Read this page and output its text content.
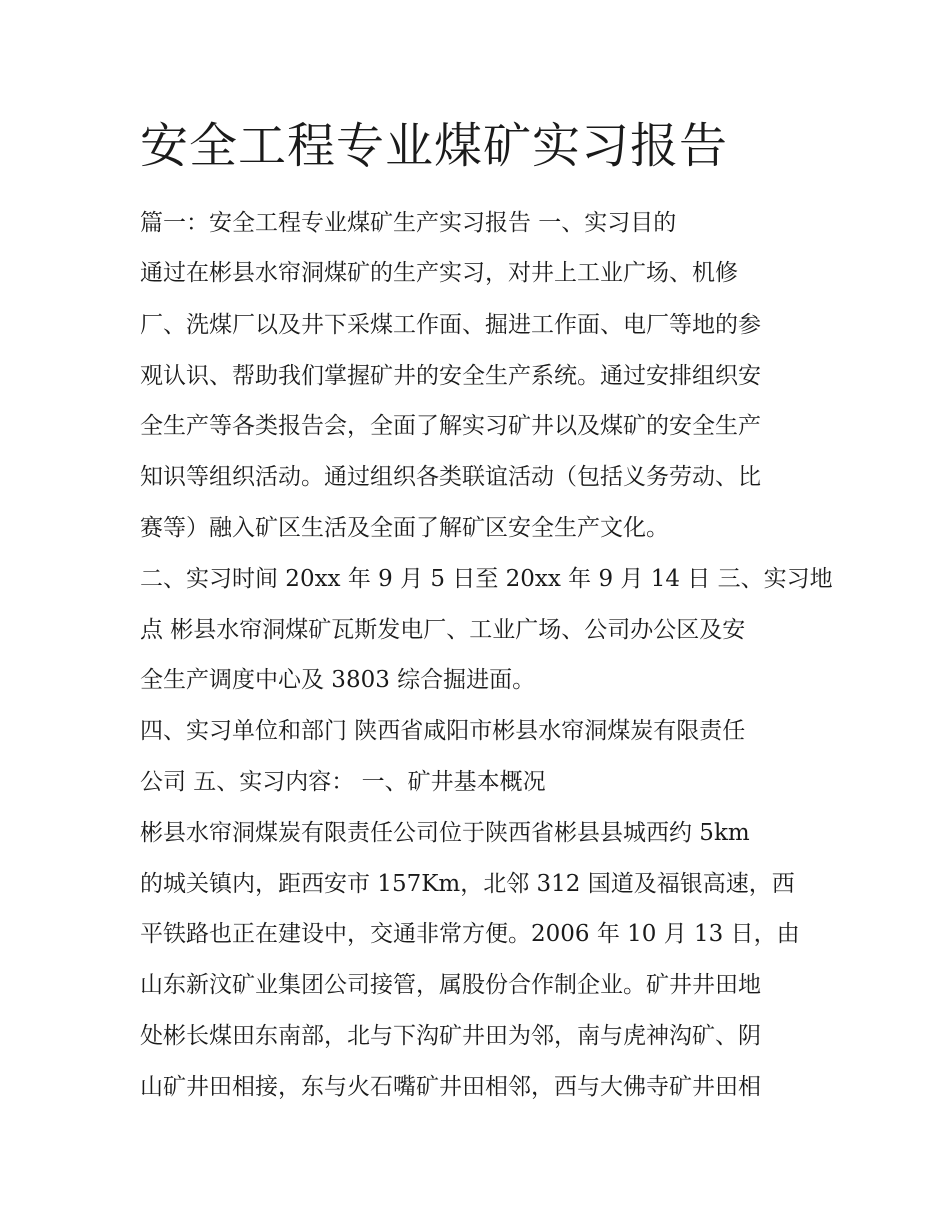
安全工程专业煤矿实习报告

篇一：安全工程专业煤矿生产实习报告 一、实习目的

通过在彬县水帘洞煤矿的生产实习，对井上工业广场、机修

厂、洗煤厂以及井下采煤工作面、掘进工作面、电厂等地的参

观认识、帮助我们掌握矿井的安全生产系统。通过安排组织安

全生产等各类报告会，全面了解实习矿井以及煤矿的安全生产

知识等组织活动。通过组织各类联谊活动（包括义务劳动、比

赛等）融入矿区生活及全面了解矿区安全生产文化。

二、实习时间 20xx 年 9 月 5 日至 20xx 年 9 月 14 日 三、实习地

点 彬县水帘洞煤矿瓦斯发电厂、工业广场、公司办公区及安

全生产调度中心及 3803 综合掘进面。

四、实习单位和部门 陕西省咸阳市彬县水帘洞煤炭有限责任

公司 五、实习内容： 一、矿井基本概况

彬县水帘洞煤炭有限责任公司位于陕西省彬县县城西约 5km

的城关镇内，距西安市 157Km，北邻 312 国道及福银高速，西

平铁路也正在建设中，交通非常方便。2006 年 10 月 13 日，由

山东新汶矿业集团公司接管，属股份合作制企业。矿井井田地

处彬长煤田东南部，北与下沟矿井田为邻，南与虎神沟矿、阴

山矿井田相接，东与火石嘴矿井田相邻，西与大佛寺矿井田相
